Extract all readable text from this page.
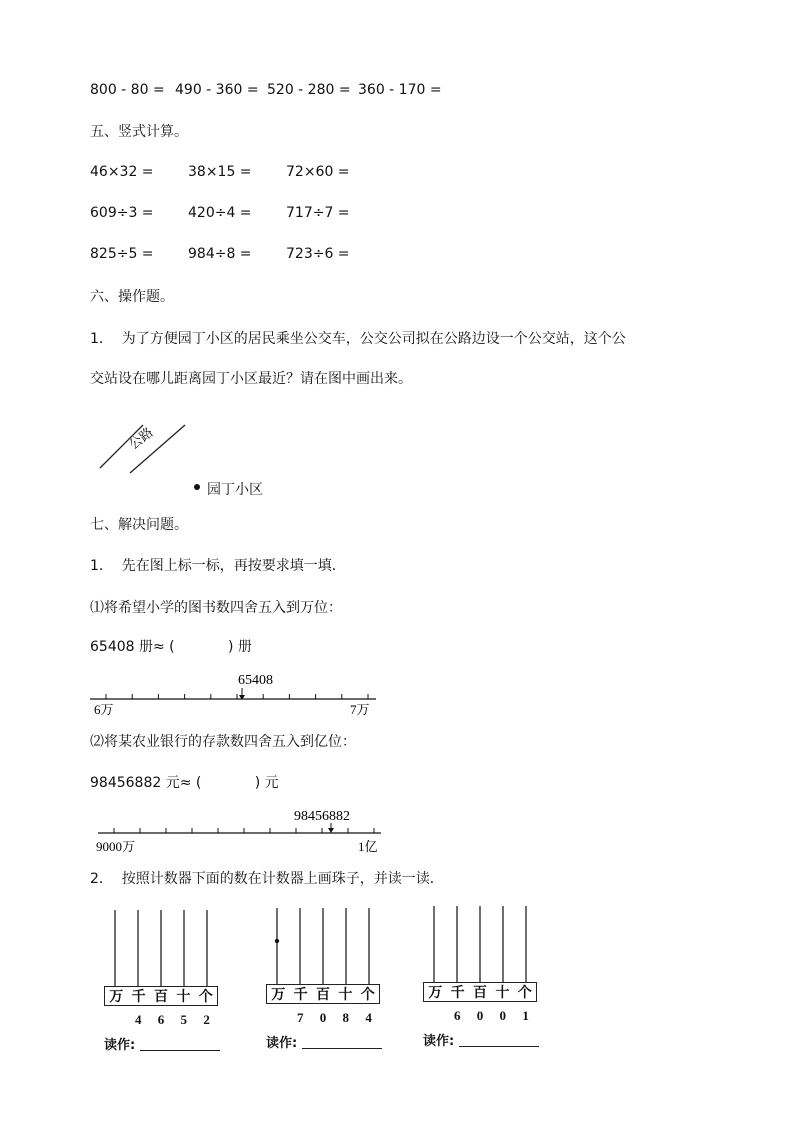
800 - 80 = 490 - 360 = 520 - 280 = 360 - 170 =
五、竖式计算。
46×32 = 38×15 = 72×60 =
609÷3 = 420÷4 = 717÷7 =
825÷5 = 984÷8 = 723÷6 =
六、操作题。
1．  为了方便园丁小区的居民乘坐公交车，公交公司拟在公路边设一个公交站，这个公
交站设在哪儿距离园丁小区最近？请在图中画出来。
公路
园丁小区
七、解决问题。
1．  先在图上标一标，再按要求填一填．
⑴将希望小学的图书数四舍五入到万位：
65408 册≈ (            ) 册
65408
6万	7万
⑵将某农业银行的存款数四舍五入到亿位：
98456882 元≈ (            ) 元
98456882
9000万	1亿
2．  按照计数器下面的数在计数器上画珠子，并读一读．
万 千 百 十 个
4	6	5	2
读作:
万 千 百 十 个
7	0	8	4
读作:
万 千 百 十 个
6	0	0	1
读作:
